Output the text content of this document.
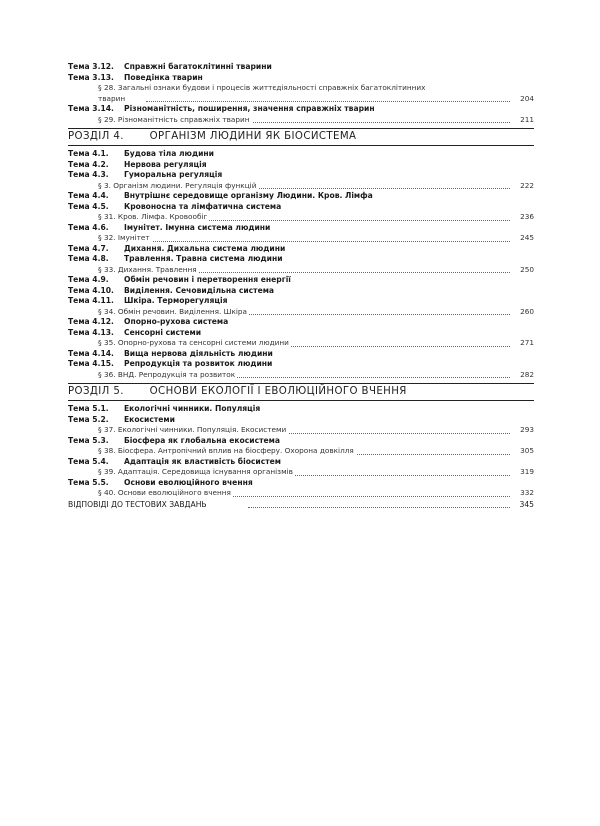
Тема 3.12. Справжні багатоклітинні тварини
Тема 3.13. Поведінка тварин
§ 28. Загальні ознаки будови і процесів життєдіяльності справжніх багатоклітинних
тварин	204
Тема 3.14. Різноманітність, поширення, значення справжніх тварин
§ 29. Різноманітність справжніх тварин	211
РОЗДІЛ 4.	ОРГАНІЗМ ЛЮДИНИ ЯК БІОСИСТЕМА
Тема 4.1. Будова тіла людини
Тема 4.2. Нервова регуляція
Тема 4.3. Гуморальна регуляція
§ 3. Організм людини. Регуляція функцій	222
Тема 4.4. Внутрішнє середовище організму Людини. Кров. Лімфа
Тема 4.5. Кровоносна та лімфатична система
§ 31. Кров. Лімфа. Кровообіг	236
Тема 4.6. Імунітет. Імунна система людини
§ 32. Імунітет	245
Тема 4.7. Дихання. Дихальна система людини
Тема 4.8. Травлення. Травна система людини
§ 33. Дихання. Травлення	250
Тема 4.9. Обмін речовин і перетворення енергії
Тема 4.10. Виділення. Сечовидільна система
Тема 4.11. Шкіра. Терморегуляція
§ 34. Обмін речовин. Виділення. Шкіра	260
Тема 4.12. Опорно-рухова система
Тема 4.13. Сенсорні системи
§ 35. Опорно-рухова та сенсорні системи людини	271
Тема 4.14. Вища нервова діяльність людини
Тема 4.15. Репродукція та розвиток людини
§ 36. ВНД. Репродукція та розвиток	282
РОЗДІЛ 5.	ОСНОВИ ЕКОЛОГІЇ І ЕВОЛЮЦІЙНОГО ВЧЕННЯ
Тема 5.1. Екологічні чинники. Популяція
Тема 5.2. Екосистеми
§ 37. Екологічні чинники. Популяція. Екосистеми	293
Тема 5.3. Біосфера як глобальна екосистема
§ 38. Біосфера. Антропічний вплив на біосферу. Охорона довкілля	305
Тема 5.4. Адаптація як властивість біосистем
§ 39. Адаптація. Середовища існування організмів	319
Тема 5.5. Основи еволюційного вчення
§ 40. Основи еволюційного вчення	332
ВІДПОВІДІ ДО ТЕСТОВИХ ЗАВДАНЬ	345
